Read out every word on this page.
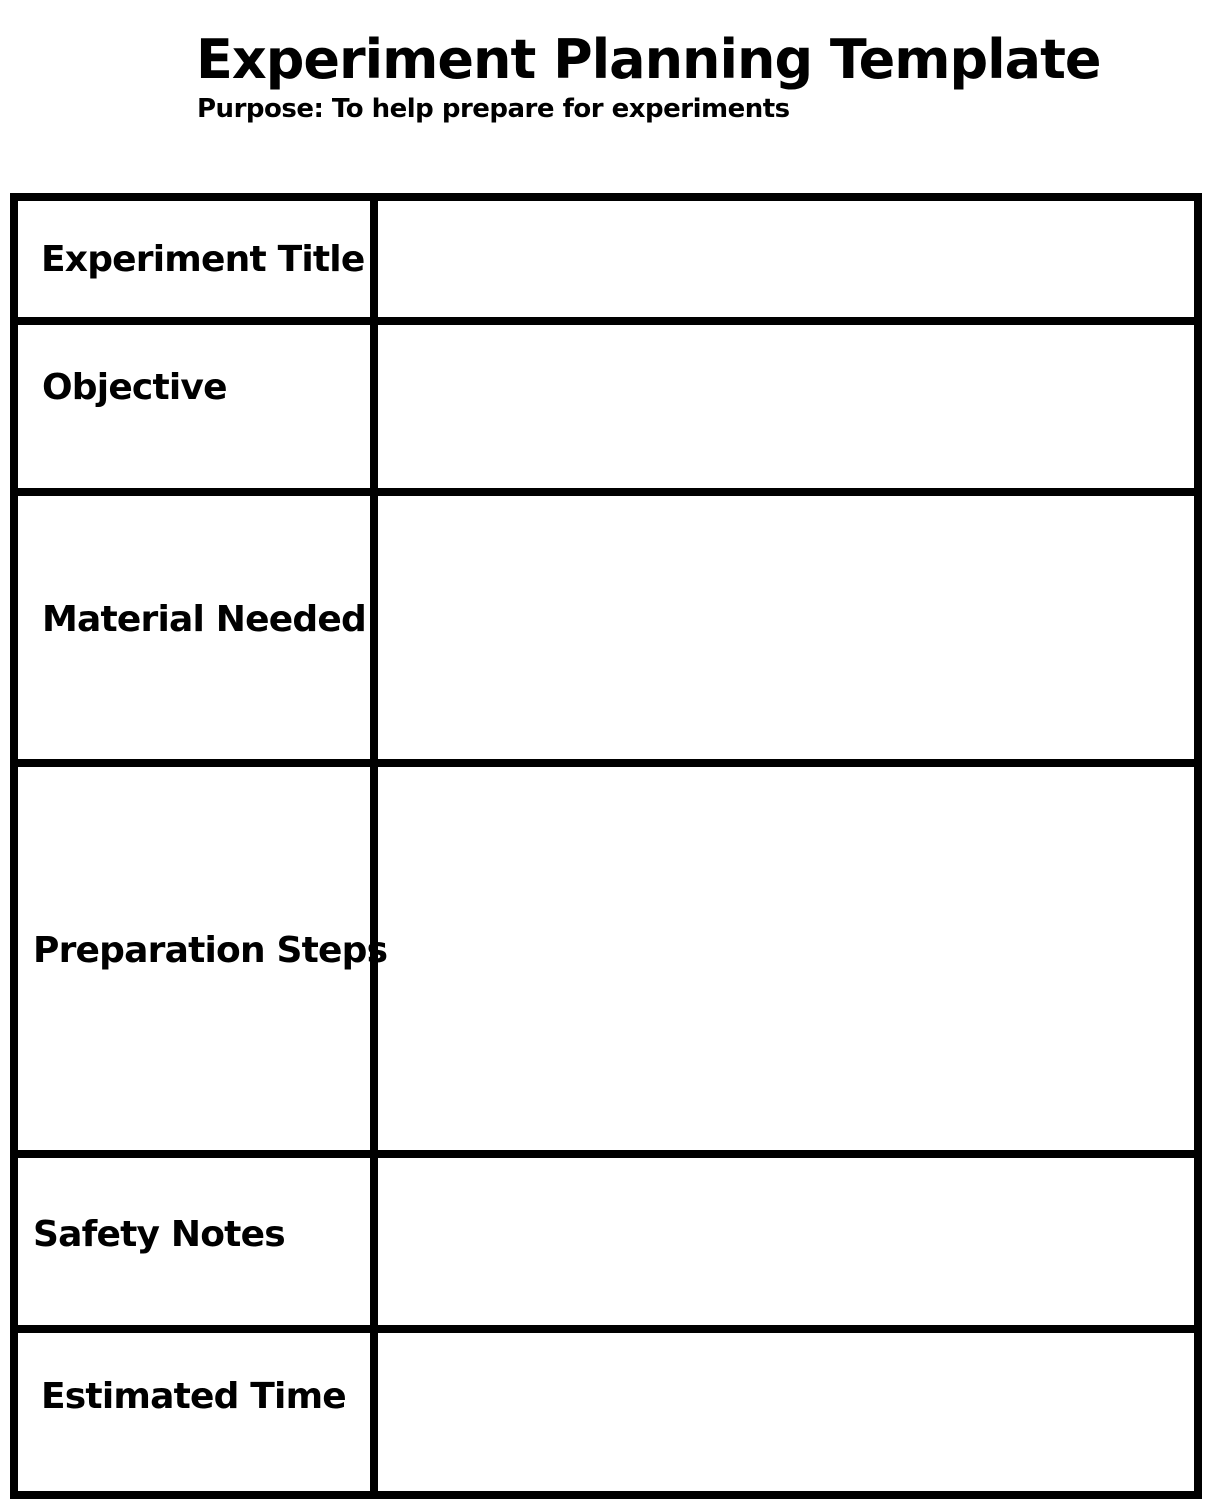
Experiment Planning Template

Purpose: To help prepare for experiments

Experiment Title

Objective

Material Needed

Preparation Steps

Safety Notes

Estimated Time
